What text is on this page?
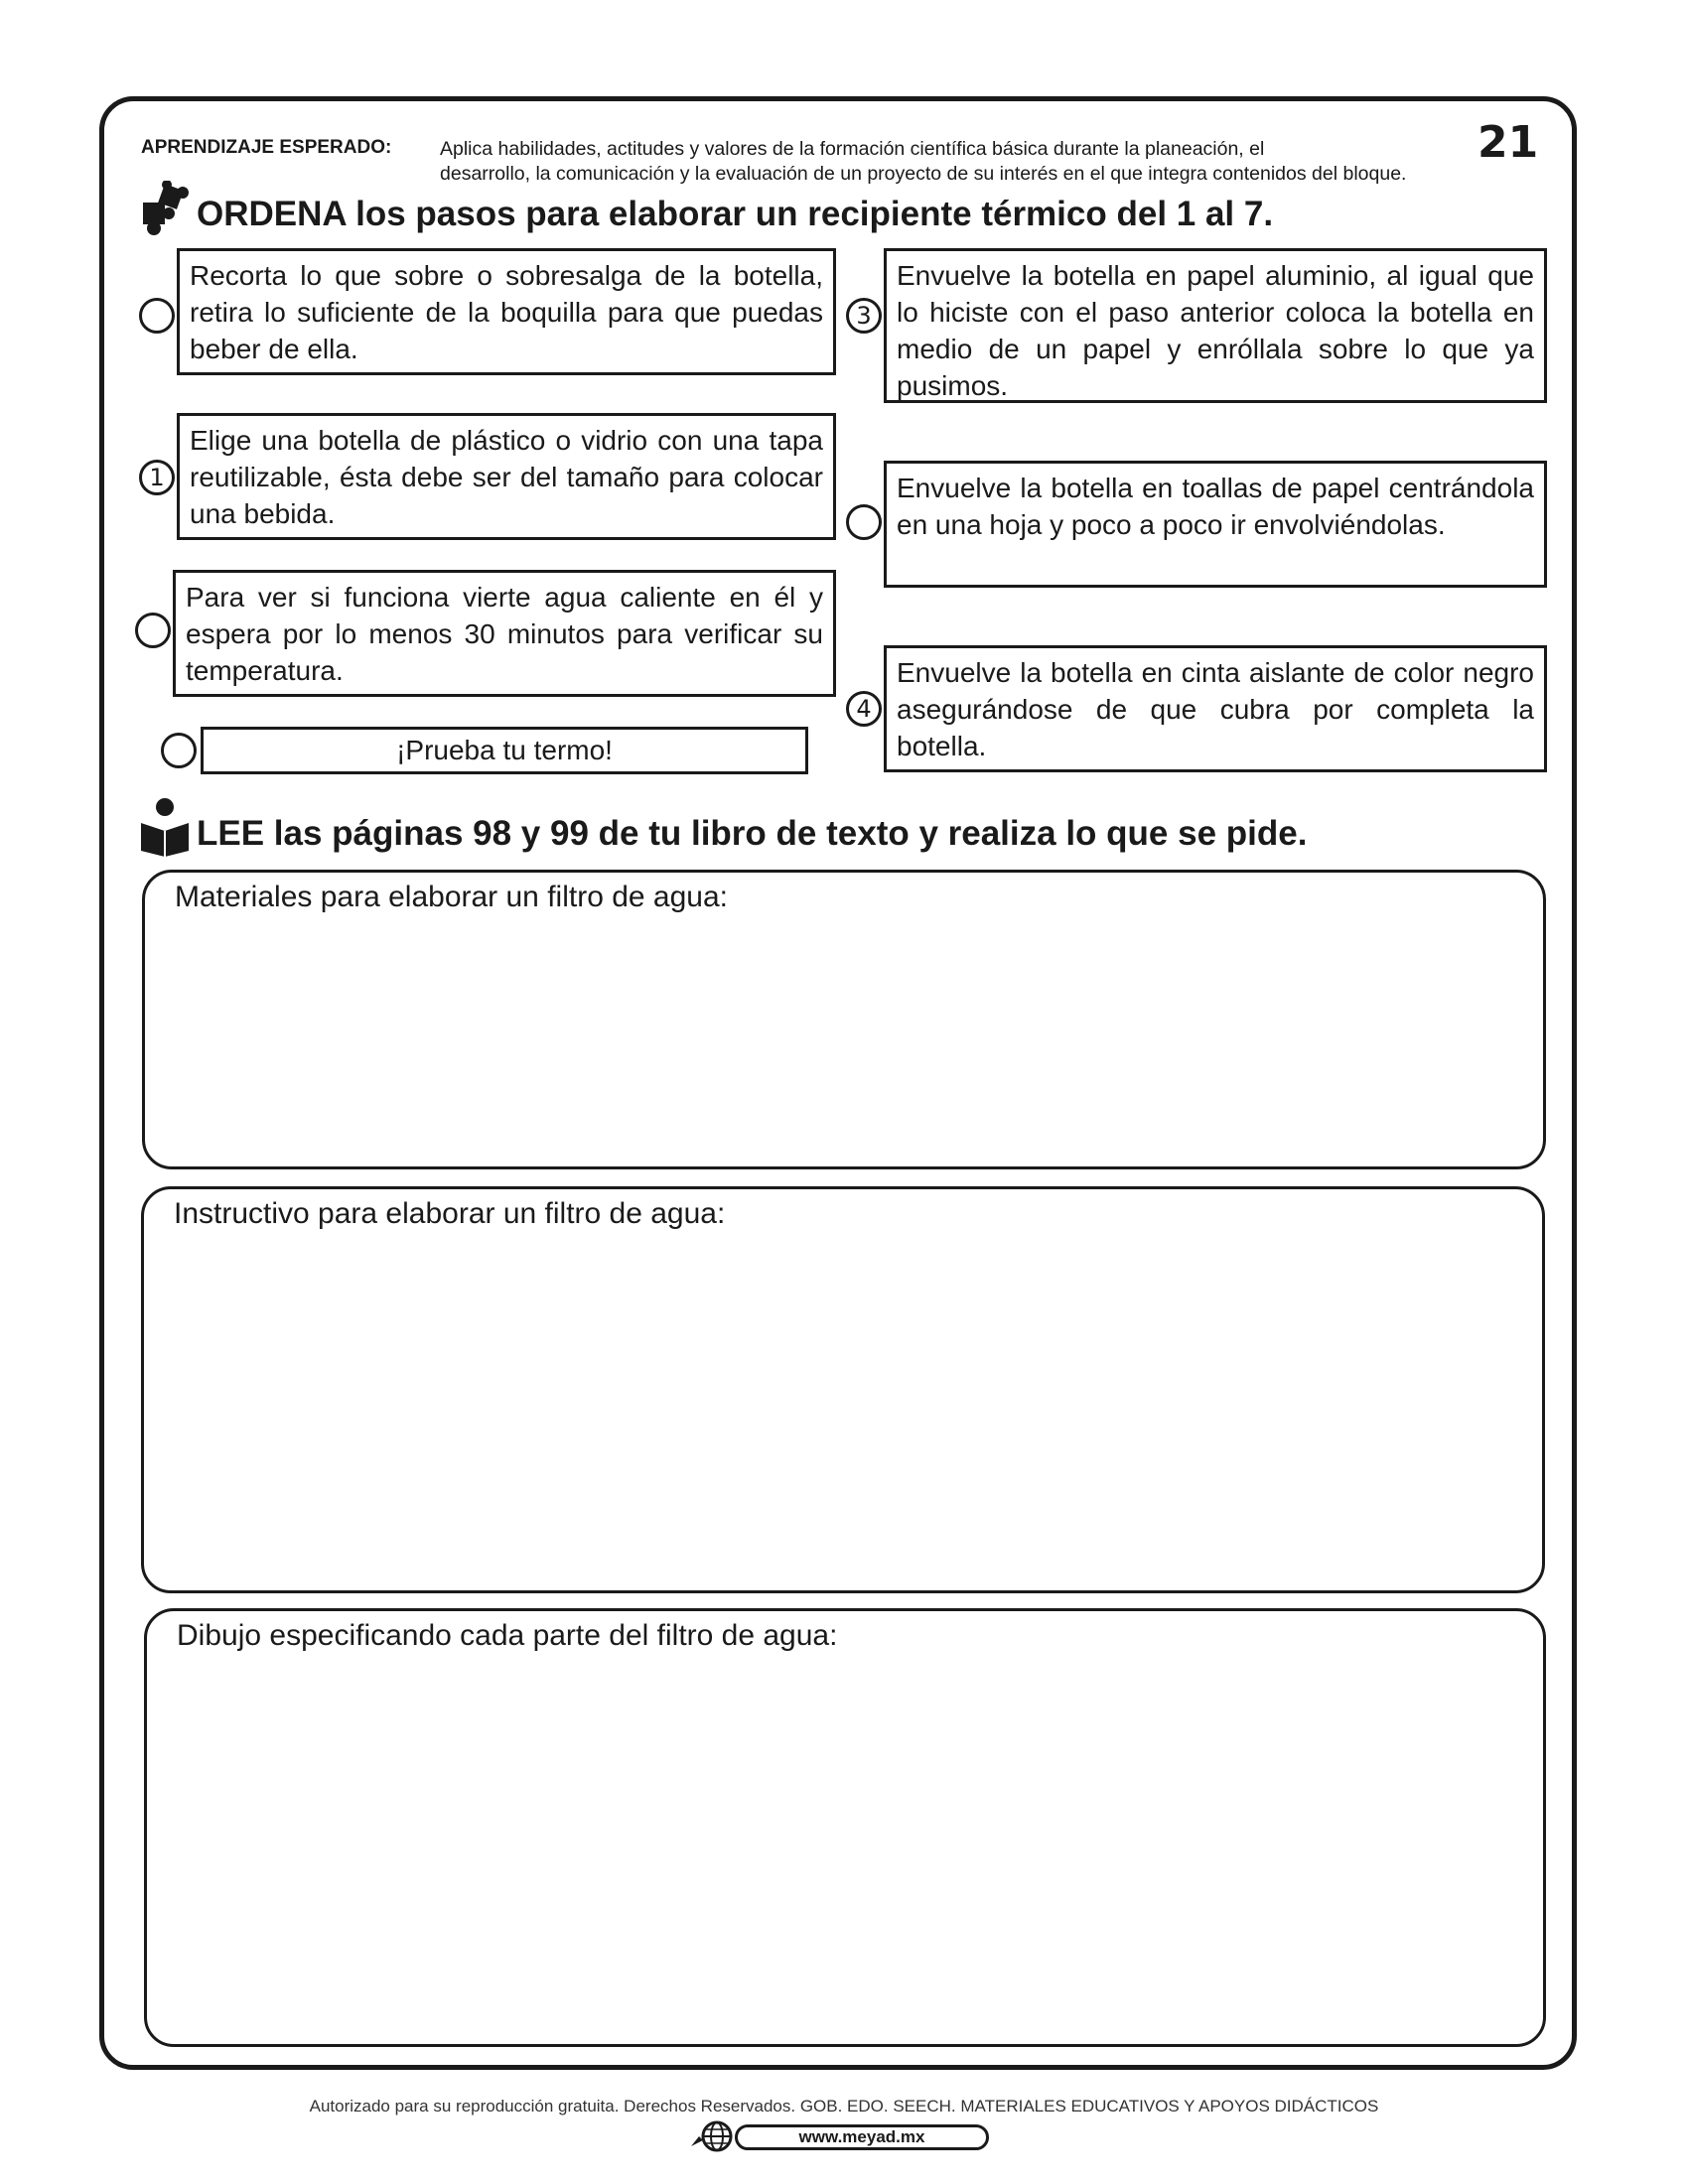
APRENDIZAJE ESPERADO: Aplica habilidades, actitudes y valores de la formación científica básica durante la planeación, el
desarrollo, la comunicación y la evaluación de un proyecto de su interés en el que integra contenidos del bloque.
21
ORDENA los pasos para elaborar un recipiente térmico del 1 al 7.
Recorta lo que sobre o sobresalga de la botella, retira lo suficiente de la boquilla para que puedas beber de ella.
1
Elige una botella de plástico o vidrio con una tapa reutilizable, ésta debe ser del tamaño para colocar una bebida.
Para ver si funciona vierte agua caliente en él y espera por lo menos 30 minutos para verificar su temperatura.
¡Prueba tu termo!
3
Envuelve la botella en papel aluminio, al igual que lo hiciste con el paso anterior coloca la botella en medio de un papel y enróllala sobre lo que ya pusimos.
Envuelve la botella en toallas de papel centrándola en una hoja y poco a poco ir envolviéndolas.
4
Envuelve la botella en cinta aislante de color negro asegurándose de que cubra por completa la botella.
LEE las páginas 98 y 99 de tu libro de texto y realiza lo que se pide.
Materiales para elaborar un filtro de agua:
Instructivo para elaborar un filtro de agua:
Dibujo especificando cada parte del filtro de agua:
Autorizado para su reproducción gratuita. Derechos Reservados. GOB. EDO. SEECH. MATERIALES EDUCATIVOS Y APOYOS DIDÁCTICOS
www.meyad.mx
